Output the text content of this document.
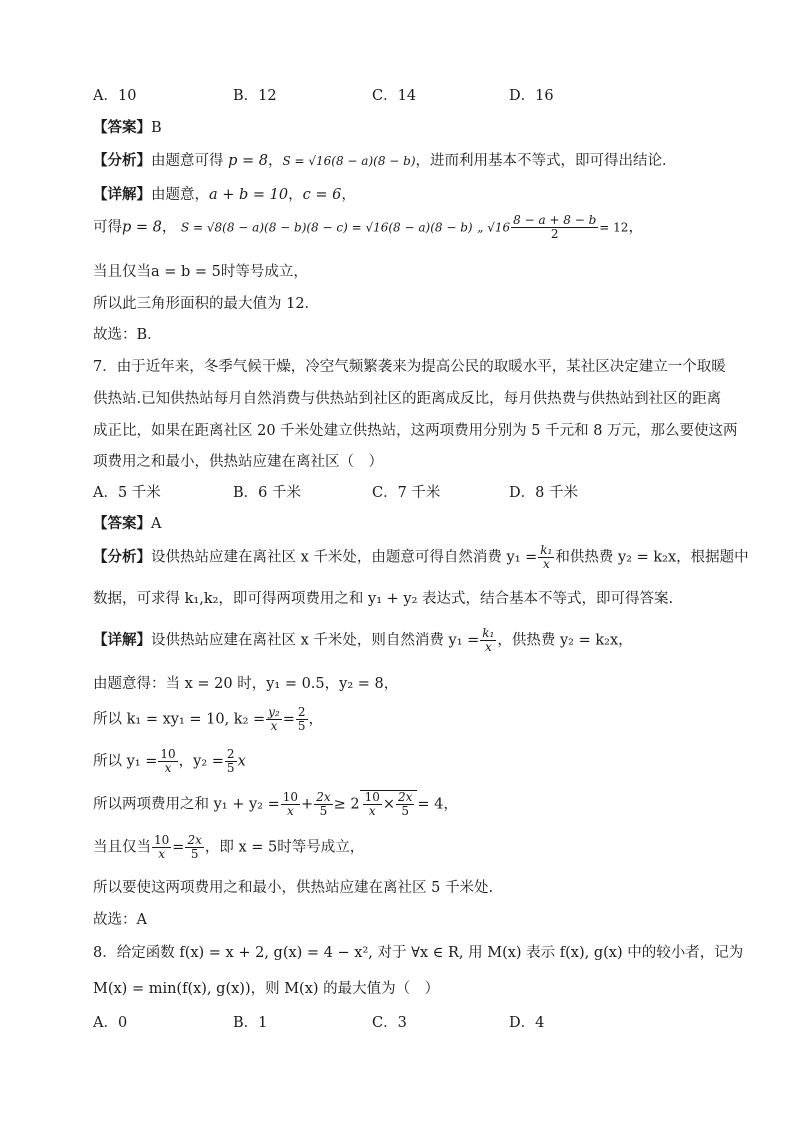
A．10	B．12	C．14	D．16
【答案】B
【分析】由题意可得 p = 8，S = √16(8 − a)(8 − b)，进而利用基本不等式，即可得出结论．
【详解】由题意，a + b = 10，c = 6，
可得p = 8， S = √8(8 − a)(8 − b)(8 − c) = √16(8 − a)(8 − b) „ $√16 \frac{8 - a + 8 - b}{2} = 12$，
当且仅当a = b = 5时等号成立，
所以此三角形面积的最大值为 12．
故选：B．
7．由于近年来，冬季气候干燥，冷空气频繁袭来为提高公民的取暖水平，某社区决定建立一个取暖
供热站.已知供热站每月自然消费与供热站到社区的距离成反比，每月供热费与供热站到社区的距离
成正比，如果在距离社区 20 千米处建立供热站，这两项费用分别为 5 千元和 8 万元，那么要使这两
项费用之和最小，供热站应建在离社区（　）
A．5 千米	B．6 千米	C．7 千米	D．8 千米
【答案】A
【分析】设供热站应建在离社区 x 千米处，由题意可得自然消费 $y_1 = \frac{\text{k₁}}{x}$ 和供热费 y₂ = k₂x，根据题中
数据，可求得 k₁,k₂，即可得两项费用之和 y₁ + y₂ 表达式，结合基本不等式，即可得答案.
【详解】设供热站应建在离社区 x 千米处，则自然消费 $y_1 = \frac{\text{k₁}}{x}$ ，供热费 y₂ = k₂x，
由题意得：当 x = 20 时，y₁ = 0.5，y₂ = 8，
所以 k₁ = xy₁ = 10, $k_2 = \frac{\text{y₂}}{x} = \frac{2}{5}$ ，
所以 $y_1 = \frac{10}{x}$ ，$y_2 = \frac{2}{5}$ x
所以两项费用之和 $y_1 + y_2 = \frac{10}{x} + \frac{2x}{5} \ge 2 \frac{10}{x} \times \frac{2x}{5} = 4$，
当且仅当 $\frac{10}{x} = \frac{2x}{5}$ ，即 x = 5时等号成立，
所以要使这两项费用之和最小，供热站应建在离社区 5 千米处.
故选：A
8．给定函数 f(x) = x + 2, g(x) = 4 − x², 对于 ∀x ∈ R, 用 M(x) 表示 f(x), g(x) 中的较小者，记为
M(x) = min(f(x), g(x))，则 M(x) 的最大值为（　）
A．0	B．1	C．3	D．4
